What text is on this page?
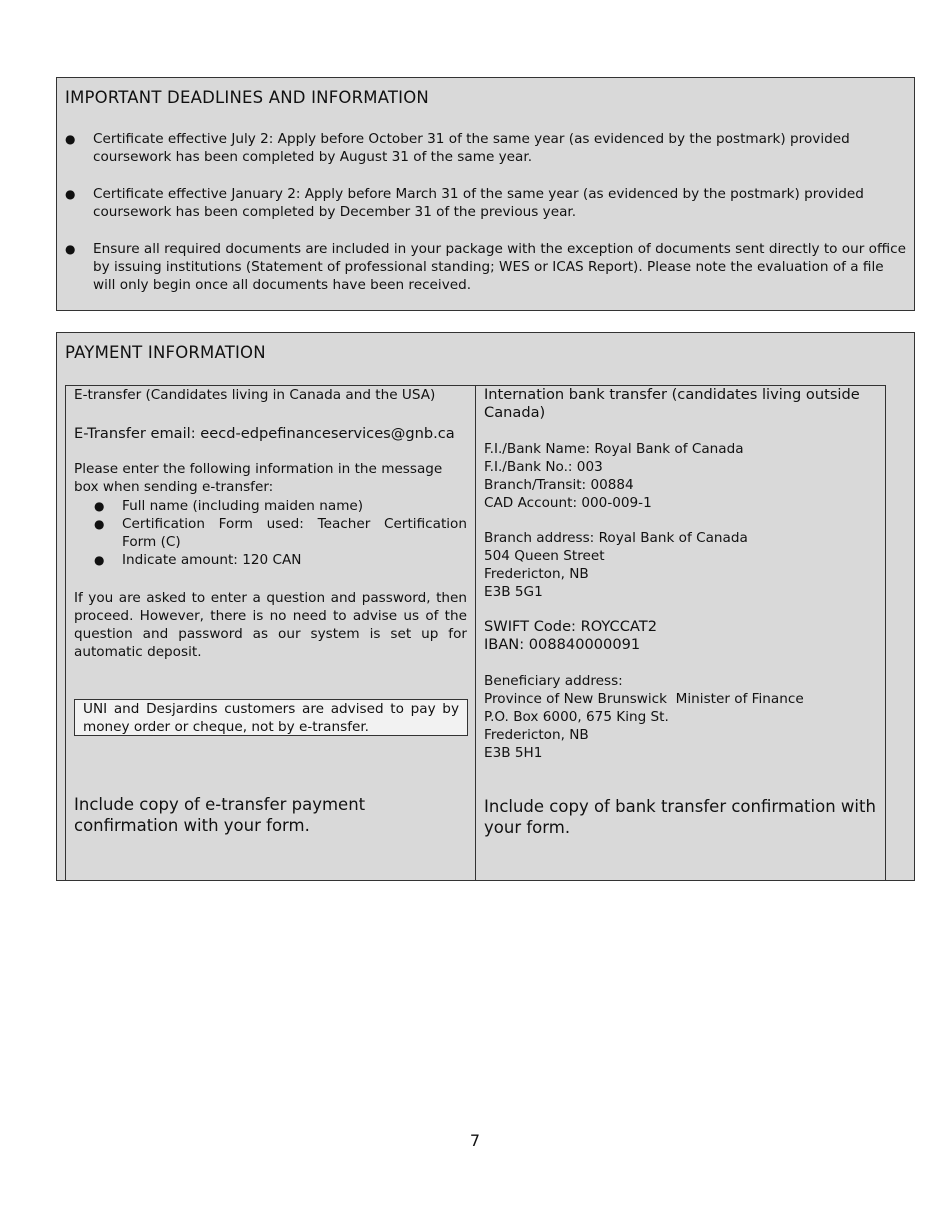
IMPORTANT DEADLINES AND INFORMATION
● Certificate effective July 2: Apply before October 31 of the same year (as evidenced by the postmark) provided coursework has been completed by August 31 of the same year.
● Certificate effective January 2: Apply before March 31 of the same year (as evidenced by the postmark) provided coursework has been completed by December 31 of the previous year.
● Ensure all required documents are included in your package with the exception of documents sent directly to our office by issuing institutions (Statement of professional standing; WES or ICAS Report). Please note the evaluation of a file will only begin once all documents have been received.
PAYMENT INFORMATION
E-transfer (Candidates living in Canada and the USA)
E-Transfer email: eecd-edpefinanceservices@gnb.ca
Please enter the following information in the message box when sending e-transfer:
● Full name (including maiden name)
● Certification Form used: Teacher Certification Form (C)
● Indicate amount: 120 CAN
If you are asked to enter a question and password, then proceed. However, there is no need to advise us of the question and password as our system is set up for automatic deposit.
UNI and Desjardins customers are advised to pay by money order or cheque, not by e-transfer.
Include copy of e-transfer payment confirmation with your form.
Internation bank transfer (candidates living outside Canada)
F.I./Bank Name: Royal Bank of Canada
F.I./Bank No.: 003
Branch/Transit: 00884
CAD Account: 000-009-1
Branch address: Royal Bank of Canada
504 Queen Street
Fredericton, NB
E3B 5G1
SWIFT Code: ROYCCAT2
IBAN: 008840000091
Beneficiary address:
Province of New Brunswick  Minister of Finance
P.O. Box 6000, 675 King St.
Fredericton, NB
E3B 5H1
Include copy of bank transfer confirmation with your form.
7
